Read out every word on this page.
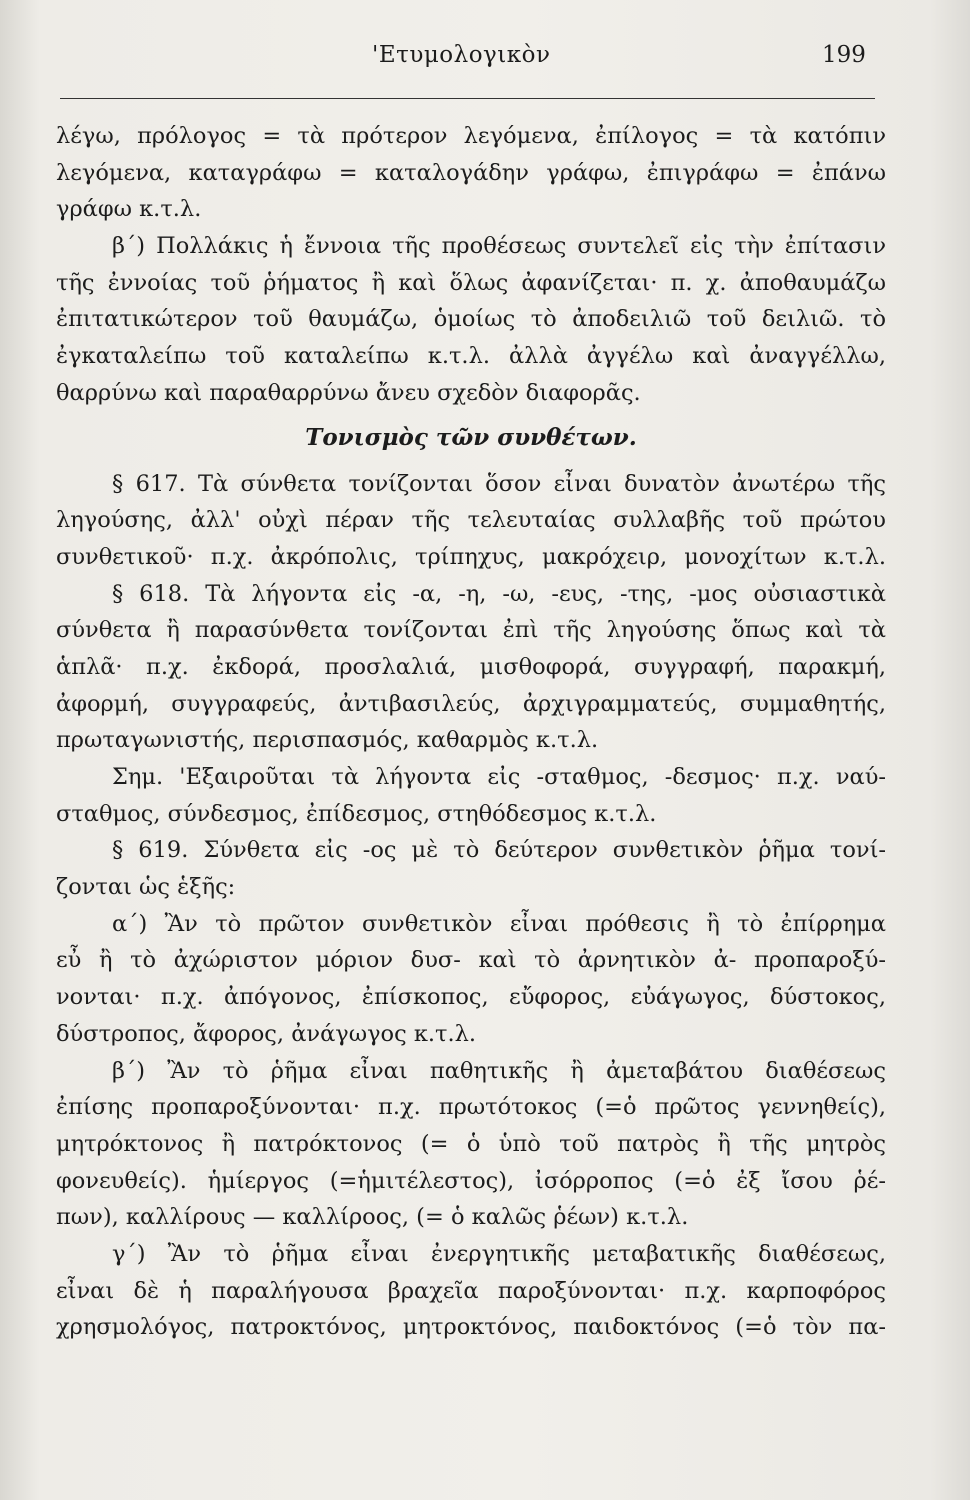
'Ετυμολογικὸν	199
λέγω, πρόλογος = τὰ πρότερον λεγόμενα, ἐπίλογος = τὰ κατόπιν
λεγόμενα, καταγράφω = καταλογάδην γράφω, ἐπιγράφω = ἐπάνω
γράφω κ.τ.λ.
β΄) Πολλάκις ἡ ἔννοια τῆς προθέσεως συντελεῖ εἰς τὴν ἐπίτασιν
τῆς ἐννοίας τοῦ ῥήματος ἢ καὶ ὅλως ἀφανίζεται· π. χ. ἀποθαυμάζω
ἐπιτατικώτερον τοῦ θαυμάζω, ὁμοίως τὸ ἀποδειλιῶ τοῦ δειλιῶ. τὸ
ἐγκαταλείπω τοῦ καταλείπω κ.τ.λ. ἀλλὰ ἀγγέλω καὶ ἀναγγέλλω,
θαρρύνω καὶ παραθαρρύνω ἄνευ σχεδὸν διαφορᾶς.
Τονισμὸς τῶν συνθέτων.
§ 617. Τὰ σύνθετα τονίζονται ὅσον εἶναι δυνατὸν ἀνωτέρω τῆς
ληγούσης, ἀλλ' οὐχὶ πέραν τῆς τελευταίας συλλαβῆς τοῦ πρώτου
συνθετικοῦ· π.χ. ἀκρόπολις, τρίπηχυς, μακρόχειρ, μονοχίτων κ.τ.λ.
§ 618. Τὰ λήγοντα εἰς -α, -η, -ω, -ευς, -της, -μος οὐσιαστικὰ
σύνθετα ἢ παρασύνθετα τονίζονται ἐπὶ τῆς ληγούσης ὅπως καὶ τὰ
ἁπλᾶ· π.χ. ἐκδορά, προσλαλιά, μισθοφορά, συγγραφή, παρακμή,
ἀφορμή, συγγραφεύς, ἀντιβασιλεύς, ἀρχιγραμματεύς, συμμαθητής,
πρωταγωνιστής, περισπασμός, καθαρμὸς κ.τ.λ.
Σημ. 'Εξαιροῦται τὰ λήγοντα εἰς -σταθμος, -δεσμος· π.χ. ναύ-
σταθμος, σύνδεσμος, ἐπίδεσμος, στηθόδεσμος κ.τ.λ.
§ 619. Σύνθετα εἰς -ος μὲ τὸ δεύτερον συνθετικὸν ῥῆμα τονί-
ζονται ὡς ἑξῆς:
α΄) Ἂν τὸ πρῶτον συνθετικὸν εἶναι πρόθεσις ἢ τὸ ἐπίρρημα
εὖ ἢ τὸ ἀχώριστον μόριον δυσ- καὶ τὸ ἀρνητικὸν ἀ- προπαροξύ-
νονται· π.χ. ἀπόγονος, ἐπίσκοπος, εὔφορος, εὐάγωγος, δύστοκος,
δύστροπος, ἄφορος, ἀνάγωγος κ.τ.λ.
β΄) Ἂν τὸ ῥῆμα εἶναι παθητικῆς ἢ ἀμεταβάτου διαθέσεως
ἐπίσης προπαροξύνονται· π.χ. πρωτότοκος (=ὁ πρῶτος γεννηθείς),
μητρόκτονος ἢ πατρόκτονος (= ὁ ὑπὸ τοῦ πατρὸς ἢ τῆς μητρὸς
φονευθείς). ἡμίεργος (=ἡμιτέλεστος), ἰσόρροπος (=ὁ ἐξ ἴσου ῥέ-
πων), καλλίρους — καλλίροος, (= ὁ καλῶς ῥέων) κ.τ.λ.
γ΄) Ἂν τὸ ῥῆμα εἶναι ἐνεργητικῆς μεταβατικῆς διαθέσεως,
εἶναι δὲ ἡ παραλήγουσα βραχεῖα παροξύνονται· π.χ. καρποφόρος
χρησμολόγος, πατροκτόνος, μητροκτόνος, παιδοκτόνος (=ὁ τὸν πα-
